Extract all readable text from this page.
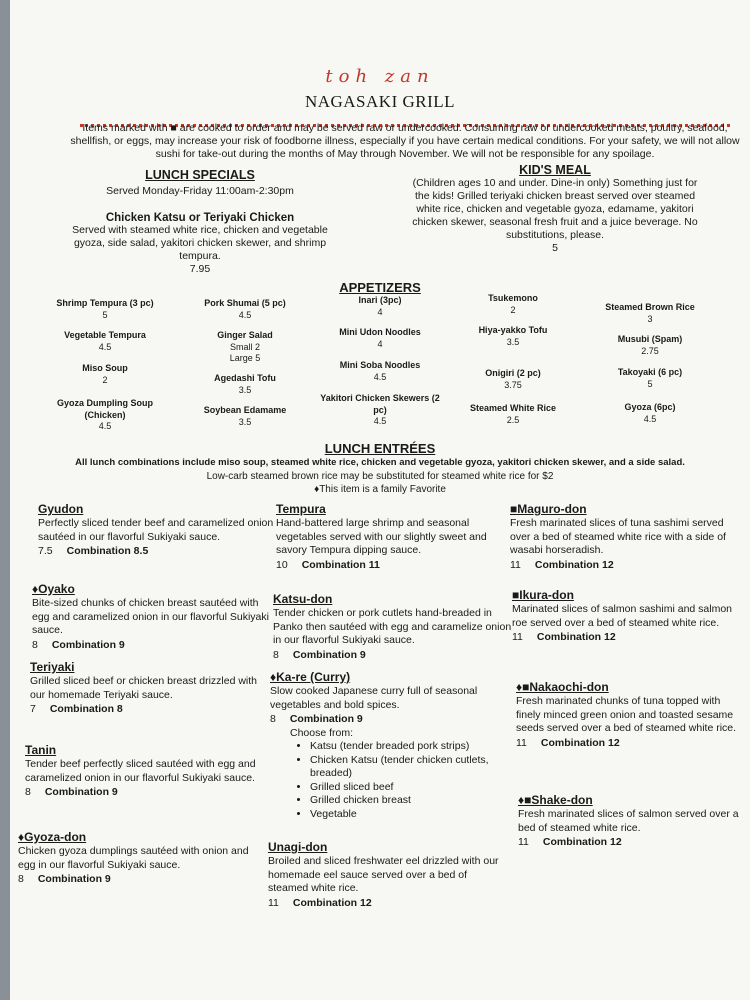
toh zan
NAGASAKI GRILL
Items marked with ■ are cooked to order and may be served raw or undercooked. Consuming raw or undercooked meats, poultry, seafood, shellfish, or eggs, may increase your risk of foodborne illness, especially if you have certain medical conditions. For your safety, we will not allow sushi for take-out during the months of May through November. We will not be responsible for any spoilage.
LUNCH SPECIALS
Served Monday-Friday 11:00am-2:30pm
Chicken Katsu or Teriyaki Chicken
Served with steamed white rice, chicken and vegetable gyoza, side salad, yakitori chicken skewer, and shrimp tempura.
7.95
KID'S MEAL
(Children ages 10 and under. Dine-in only) Something just for the kids! Grilled teriyaki chicken breast served over steamed white rice, chicken and vegetable gyoza, edamame, yakitori chicken skewer, seasonal fresh fruit and a juice beverage. No substitutions, please.
5
APPETIZERS
Shrimp Tempura (3 pc)
5
Vegetable Tempura
4.5
Miso Soup
2
Gyoza Dumpling Soup (Chicken)
4.5
Pork Shumai (5 pc)
4.5
Ginger Salad
Small 2 Large 5
Agedashi Tofu
3.5
Soybean Edamame
3.5
Inari (3pc)
4
Mini Udon Noodles
4
Mini Soba Noodles
4.5
Yakitori Chicken Skewers (2 pc)
4.5
Tsukemono
2
Hiya-yakko Tofu
3.5
Onigiri (2 pc)
3.75
Steamed White Rice
2.5
Steamed Brown Rice
3
Musubi (Spam)
2.75
Takoyaki (6 pc)
5
Gyoza (6pc)
4.5
LUNCH ENTRÉES
All lunch combinations include miso soup, steamed white rice, chicken and vegetable gyoza, yakitori chicken skewer, and a side salad.
Low-carb steamed brown rice may be substituted for steamed white rice for $2
♦This item is a family Favorite
Gyudon
Perfectly sliced tender beef and caramelized onion sautéed in our flavorful Sukiyaki sauce.
7.5 Combination 8.5
♦Oyako
Bite-sized chunks of chicken breast sautéed with egg and caramelized onion in our flavorful Sukiyaki sauce.
8 Combination 9
Teriyaki
Grilled sliced beef or chicken breast drizzled with our homemade Teriyaki sauce.
7 Combination 8
Tanin
Tender beef perfectly sliced sautéed with egg and caramelized onion in our flavorful Sukiyaki sauce.
8 Combination 9
♦Gyoza-don
Chicken gyoza dumplings sautéed with onion and egg in our flavorful Sukiyaki sauce.
8 Combination 9
Tempura
Hand-battered large shrimp and seasonal vegetables served with our slightly sweet and savory Tempura dipping sauce.
10 Combination 11
Katsu-don
Tender chicken or pork cutlets hand-breaded in Panko then sautéed with egg and caramelize onion in our flavorful Sukiyaki sauce.
8 Combination 9
♦Ka-re (Curry)
Slow cooked Japanese curry full of seasonal vegetables and bold spices.
8 Combination 9
Choose from:
• Katsu (tender breaded pork strips)
• Chicken Katsu (tender chicken cutlets, breaded)
• Grilled sliced beef
• Grilled chicken breast
• Vegetable
Unagi-don
Broiled and sliced freshwater eel drizzled with our homemade eel sauce served over a bed of steamed white rice.
11 Combination 12
■Maguro-don
Fresh marinated slices of tuna sashimi served over a bed of steamed white rice with a side of wasabi horseradish.
11 Combination 12
■Ikura-don
Marinated slices of salmon sashimi and salmon roe served over a bed of steamed white rice.
11 Combination 12
♦■Nakaochi-don
Fresh marinated chunks of tuna topped with finely minced green onion and toasted sesame seeds served over a bed of steamed white rice.
11 Combination 12
♦■Shake-don
Fresh marinated slices of salmon served over a bed of steamed white rice.
11 Combination 12
